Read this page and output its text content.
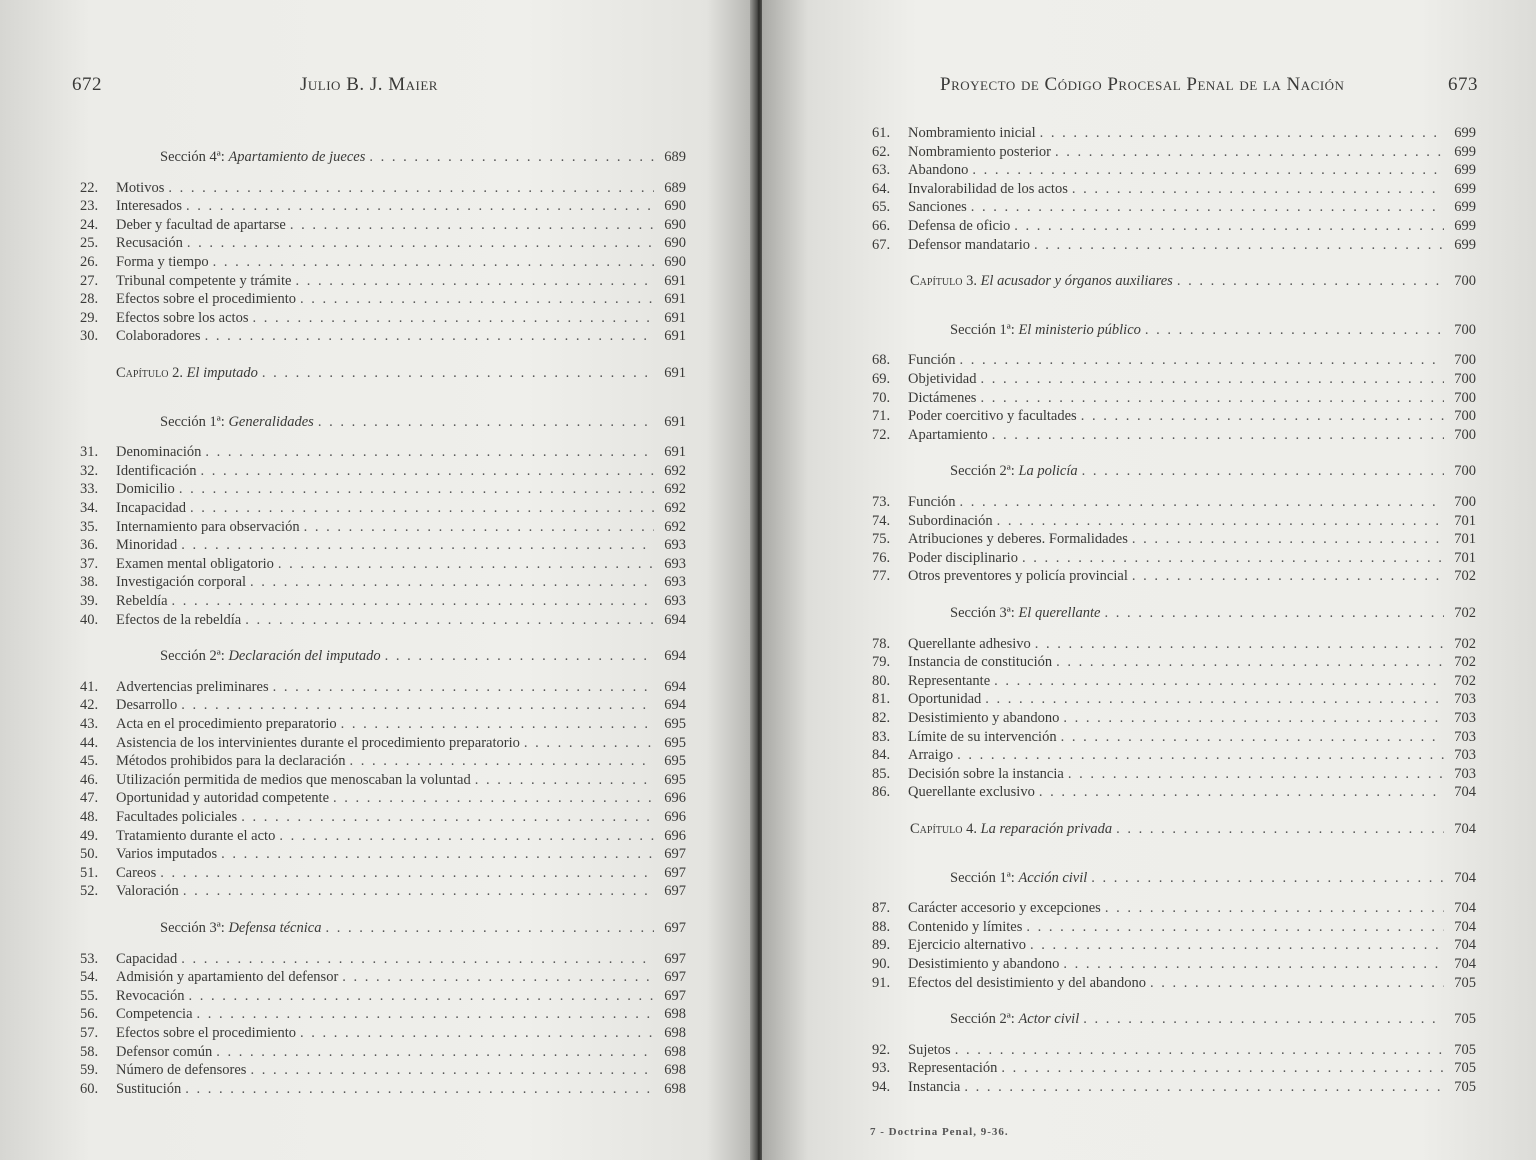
672	Julio B. J. Maier
Sección 4ª: Apartamiento de jueces . . .	689
22.	Motivos . . .	689
23.	Interesados . . .	690
24.	Deber y facultad de apartarse . . .	690
25.	Recusación . . .	690
26.	Forma y tiempo . . .	690
27.	Tribunal competente y trámite . . .	691
28.	Efectos sobre el procedimiento . . .	691
29.	Efectos sobre los actos . . .	691
30.	Colaboradores . . .	691
Capítulo 2. El imputado . . .	691
Sección 1ª: Generalidades . . .	691
31.	Denominación . . .	691
32.	Identificación . . .	692
33.	Domicilio . . .	692
34.	Incapacidad . . .	692
35.	Internamiento para observación . . .	692
36.	Minoridad . . .	693
37.	Examen mental obligatorio . . .	693
38.	Investigación corporal . . .	693
39.	Rebeldía . . .	693
40.	Efectos de la rebeldía . . .	694
Sección 2ª: Declaración del imputado . . .	694
41.	Advertencias preliminares . . .	694
42.	Desarrollo . . .	694
43.	Acta en el procedimiento preparatorio . . .	695
44.	Asistencia de los intervinientes durante el procedimiento preparatorio . . .	695
45.	Métodos prohibidos para la declaración . . .	695
46.	Utilización permitida de medios que menoscaban la voluntad . . .	695
47.	Oportunidad y autoridad competente . . .	696
48.	Facultades policiales . . .	696
49.	Tratamiento durante el acto . . .	696
50.	Varios imputados . . .	697
51.	Careos . . .	697
52.	Valoración . . .	697
Sección 3ª: Defensa técnica . . .	697
53.	Capacidad . . .	697
54.	Admisión y apartamiento del defensor . . .	697
55.	Revocación . . .	697
56.	Competencia . . .	698
57.	Efectos sobre el procedimiento . . .	698
58.	Defensor común . . .	698
59.	Número de defensores . . .	698
60.	Sustitución . . .	698
Proyecto de Código Procesal Penal de la Nación	673
61.	Nombramiento inicial . . .	699
62.	Nombramiento posterior . . .	699
63.	Abandono . . .	699
64.	Invalorabilidad de los actos . . .	699
65.	Sanciones . . .	699
66.	Defensa de oficio . . .	699
67.	Defensor mandatario . . .	699
Capítulo 3. El acusador y órganos auxiliares . . .	700
Sección 1ª: El ministerio público . . .	700
68.	Función . . .	700
69.	Objetividad . . .	700
70.	Dictámenes . . .	700
71.	Poder coercitivo y facultades . . .	700
72.	Apartamiento . . .	700
Sección 2ª: La policía . . .	700
73.	Función . . .	700
74.	Subordinación . . .	701
75.	Atribuciones y deberes. Formalidades . . .	701
76.	Poder disciplinario . . .	701
77.	Otros preventores y policía provincial . . .	702
Sección 3ª: El querellante . . .	702
78.	Querellante adhesivo . . .	702
79.	Instancia de constitución . . .	702
80.	Representante . . .	702
81.	Oportunidad . . .	703
82.	Desistimiento y abandono . . .	703
83.	Límite de su intervención . . .	703
84.	Arraigo . . .	703
85.	Decisión sobre la instancia . . .	703
86.	Querellante exclusivo . . .	704
Capítulo 4. La reparación privada . . .	704
Sección 1ª: Acción civil . . .	704
87.	Carácter accesorio y excepciones . . .	704
88.	Contenido y límites . . .	704
89.	Ejercicio alternativo . . .	704
90.	Desistimiento y abandono . . .	704
91.	Efectos del desistimiento y del abandono . . .	705
Sección 2ª: Actor civil . . .	705
92.	Sujetos . . .	705
93.	Representación . . .	705
94.	Instancia . . .	705
7 - Doctrina Penal, 9-36.
